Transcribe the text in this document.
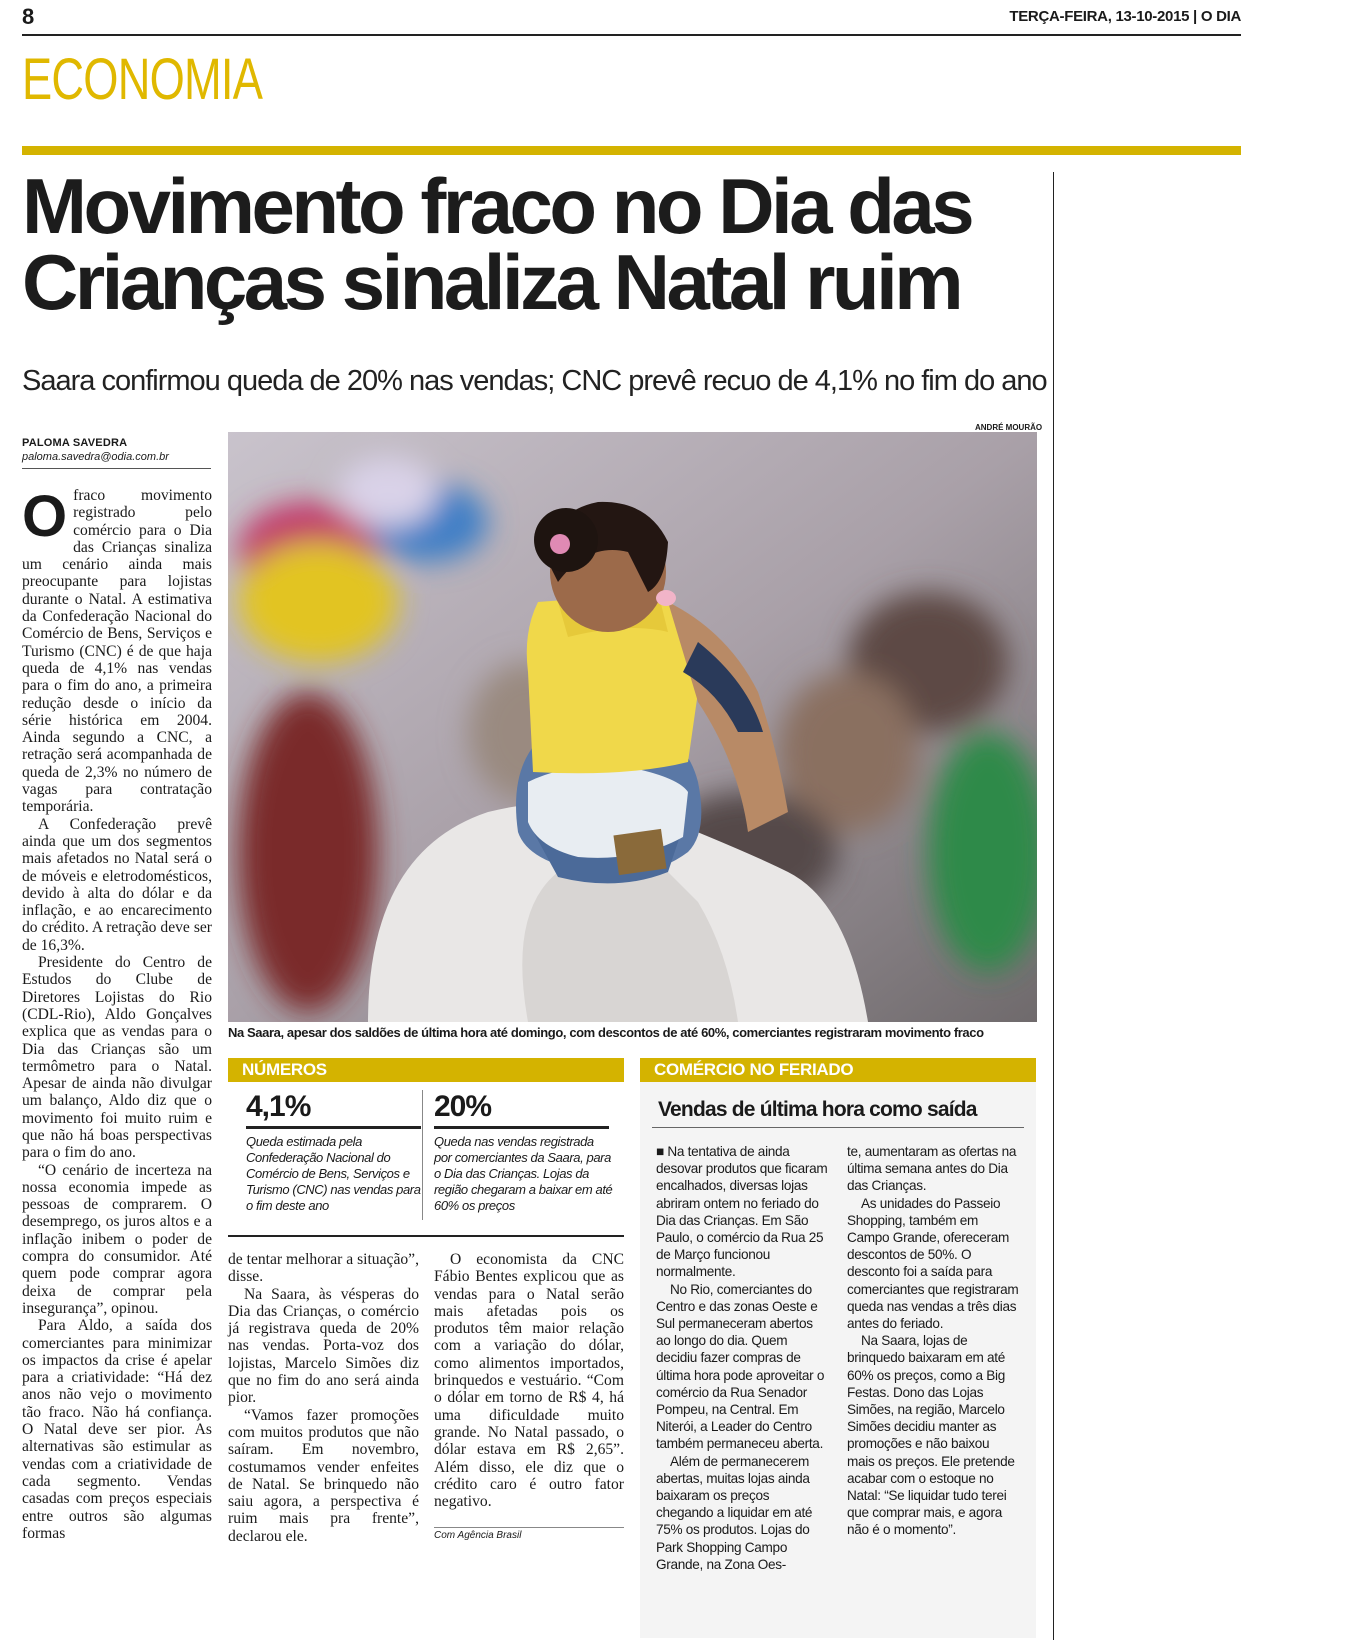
8	TERÇA-FEIRA, 13-10-2015 | O DIA
ECONOMIA
Movimento fraco no Dia das Crianças sinaliza Natal ruim
Saara confirmou queda de 20% nas vendas; CNC prevê recuo de 4,1% no fim do ano
PALOMA SAVEDRA
paloma.savedra@odia.com.br
ANDRÉ MOURÃO
Na Saara, apesar dos saldões de última hora até domingo, com descontos de até 60%, comerciantes registraram movimento fraco
O fraco movimento registrado pelo comércio para o Dia das Crianças sinaliza um cenário ainda mais preocupante para lojistas durante o Natal. A estimativa da Confederação Nacional do Comércio de Bens, Serviços e Turismo (CNC) é de que haja queda de 4,1% nas vendas para o fim do ano, a primeira redução desde o início da série histórica em 2004. Ainda segundo a CNC, a retração será acompanhada de queda de 2,3% no número de vagas para contratação temporária.

A Confederação prevê ainda que um dos segmentos mais afetados no Natal será o de móveis e eletrodomésticos, devido à alta do dólar e da inflação, e ao encarecimento do crédito. A retração deve ser de 16,3%.

Presidente do Centro de Estudos do Clube de Diretores Lojistas do Rio (CDL-Rio), Aldo Gonçalves explica que as vendas para o Dia das Crianças são um termômetro para o Natal. Apesar de ainda não divulgar um balanço, Aldo diz que o movimento foi muito ruim e que não há boas perspectivas para o fim do ano.

“O cenário de incerteza na nossa economia impede as pessoas de comprarem. O desemprego, os juros altos e a inflação inibem o poder de compra do consumidor. Até quem pode comprar agora deixa de comprar pela insegurança”, opinou.

Para Aldo, a saída dos comerciantes para minimizar os impactos da crise é apelar para a criatividade: “Há dez anos não vejo o movimento tão fraco. Não há confiança. O Natal deve ser pior. As alternativas são estimular as vendas com a criatividade de cada segmento. Vendas casadas com preços especiais entre outros são algumas formas

NÚMEROS
4,1%
Queda estimada pela Confederação Nacional do Comércio de Bens, Serviços e Turismo (CNC) nas vendas para o fim deste ano
20%
Queda nas vendas registrada por comerciantes da Saara, para o Dia das Crianças. Lojas da região chegaram a baixar em até 60% os preços

de tentar melhorar a situação”, disse.

Na Saara, às vésperas do Dia das Crianças, o comércio já registrava queda de 20% nas vendas. Porta-voz dos lojistas, Marcelo Simões diz que no fim do ano será ainda pior.

“Vamos fazer promoções com muitos produtos que não saíram. Em novembro, costumamos vender enfeites de Natal. Se brinquedo não saiu agora, a perspectiva é ruim mais pra frente”, declarou ele.

O economista da CNC Fábio Bentes explicou que as vendas para o Natal serão mais afetadas pois os produtos têm maior relação com a variação do dólar, como alimentos importados, brinquedos e vestuário. “Com o dólar em torno de R$ 4, há uma dificuldade muito grande. No Natal passado, o dólar estava em R$ 2,65”. Além disso, ele diz que o crédito caro é outro fator negativo.

Com Agência Brasil
COMÉRCIO NO FERIADO
Vendas de última hora como saída

■ Na tentativa de ainda desovar produtos que ficaram encalhados, diversas lojas abriram ontem no feriado do Dia das Crianças. Em São Paulo, o comércio da Rua 25 de Março funcionou normalmente.

No Rio, comerciantes do Centro e das zonas Oeste e Sul permaneceram abertos ao longo do dia. Quem decidiu fazer compras de última hora pode aproveitar o comércio da Rua Senador Pompeu, na Central. Em Niterói, a Leader do Centro também permaneceu aberta.

Além de permanecerem abertas, muitas lojas ainda baixaram os preços chegando a liquidar em até 75% os produtos. Lojas do Park Shopping Campo Grande, na Zona Oes-

te, aumentaram as ofertas na última semana antes do Dia das Crianças.

As unidades do Passeio Shopping, também em Campo Grande, ofereceram descontos de 50%. O desconto foi a saída para comerciantes que registraram queda nas vendas a três dias antes do feriado.

Na Saara, lojas de brinquedo baixaram em até 60% os preços, como a Big Festas. Dono das Lojas Simões, na região, Marcelo Simões decidiu manter as promoções e não baixou mais os preços. Ele pretende acabar com o estoque no Natal: “Se liquidar tudo terei que comprar mais, e agora não é o momento”.
